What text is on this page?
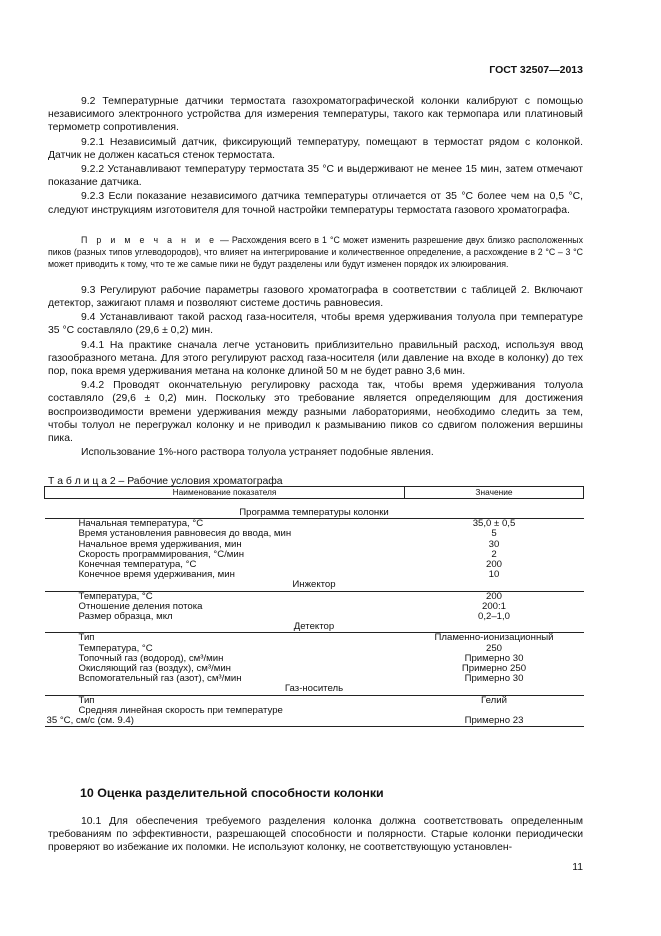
ГОСТ 32507—2013

9.2 Температурные датчики термостата газохроматографической колонки калибруют с помощью независимого электронного устройства для измерения температуры, такого как термопара или платиновый термометр сопротивления.

9.2.1 Независимый датчик, фиксирующий температуру, помещают в термостат рядом с колонкой. Датчик не должен касаться стенок термостата.

9.2.2 Устанавливают температуру термостата 35 °С и выдерживают не менее 15 мин, затем отмечают показание датчика.

9.2.3 Если показание независимого датчика температуры отличается от 35 °С более чем на 0,5 °С, следуют инструкциям изготовителя для точной настройки температуры термостата газового хроматографа.

П р и м е ч а н и е — Расхождения всего в 1 °С может изменить разрешение двух близко расположенных пиков (разных типов углеводородов), что влияет на интегрирование и количественное определение, а расхождение в 2 °С – 3 °С может приводить к тому, что те же самые пики не будут разделены или будут изменен порядок их элюирования.

9.3 Регулируют рабочие параметры газового хроматографа в соответствии с таблицей 2. Включают детектор, зажигают пламя и позволяют системе достичь равновесия.

9.4 Устанавливают такой расход газа-носителя, чтобы время удерживания толуола при температуре 35 °С составляло (29,6 ± 0,2) мин.

9.4.1 На практике сначала легче установить приблизительно правильный расход, используя ввод газообразного метана. Для этого регулируют расход газа-носителя (или давление на входе в колонку) до тех пор, пока время удерживания метана на колонке длиной 50 м не будет равно 3,6 мин.

9.4.2 Проводят окончательную регулировку расхода так, чтобы время удерживания толуола составляло (29,6 ± 0,2) мин. Поскольку это требование является определяющим для достижения воспроизводимости времени удерживания между разными лабораториями, необходимо следить за тем, чтобы толуол не перегружал колонку и не приводил к размыванию пиков со сдвигом положения вершины пика.

Использование 1%-ного раствора толуола устраняет подобные явления.

Т а б л и ц а 2 – Рабочие условия хроматографа
Наименование показателя	Значение

Программа температуры колонки	
Начальная температура, °С	35,0 ± 0,5
Время установления равновесия до ввода, мин	5
Начальное время удерживания, мин	30
Скорость программирования, °С/мин	2
Конечная температура, °С	200
Конечное время удерживания, мин	10
Инжектор	
Температура, °С	200
Отношение деления потока	200:1
Размер образца, мкл	0,2–1,0
Детектор	
Тип	Пламенно-ионизационный
Температура, °С	250
Топочный газ (водород), см³/мин	Примерно 30
Окисляющий газ (воздух), см³/мин	Примерно 250
Вспомогательный газ (азот), см³/мин	Примерно 30
Газ-носитель	
Тип	Гелий
Средняя линейная скорость при температуре	
35 °С, см/с (см. 9.4)	Примерно 23
10 Оценка разделительной способности колонки

10.1 Для обеспечения требуемого разделения колонка должна соответствовать определенным требованиям по эффективности, разрешающей способности и полярности. Старые колонки периодически проверяют во избежание их поломки. Не используют колонку, не соответствующую установлен-

11
